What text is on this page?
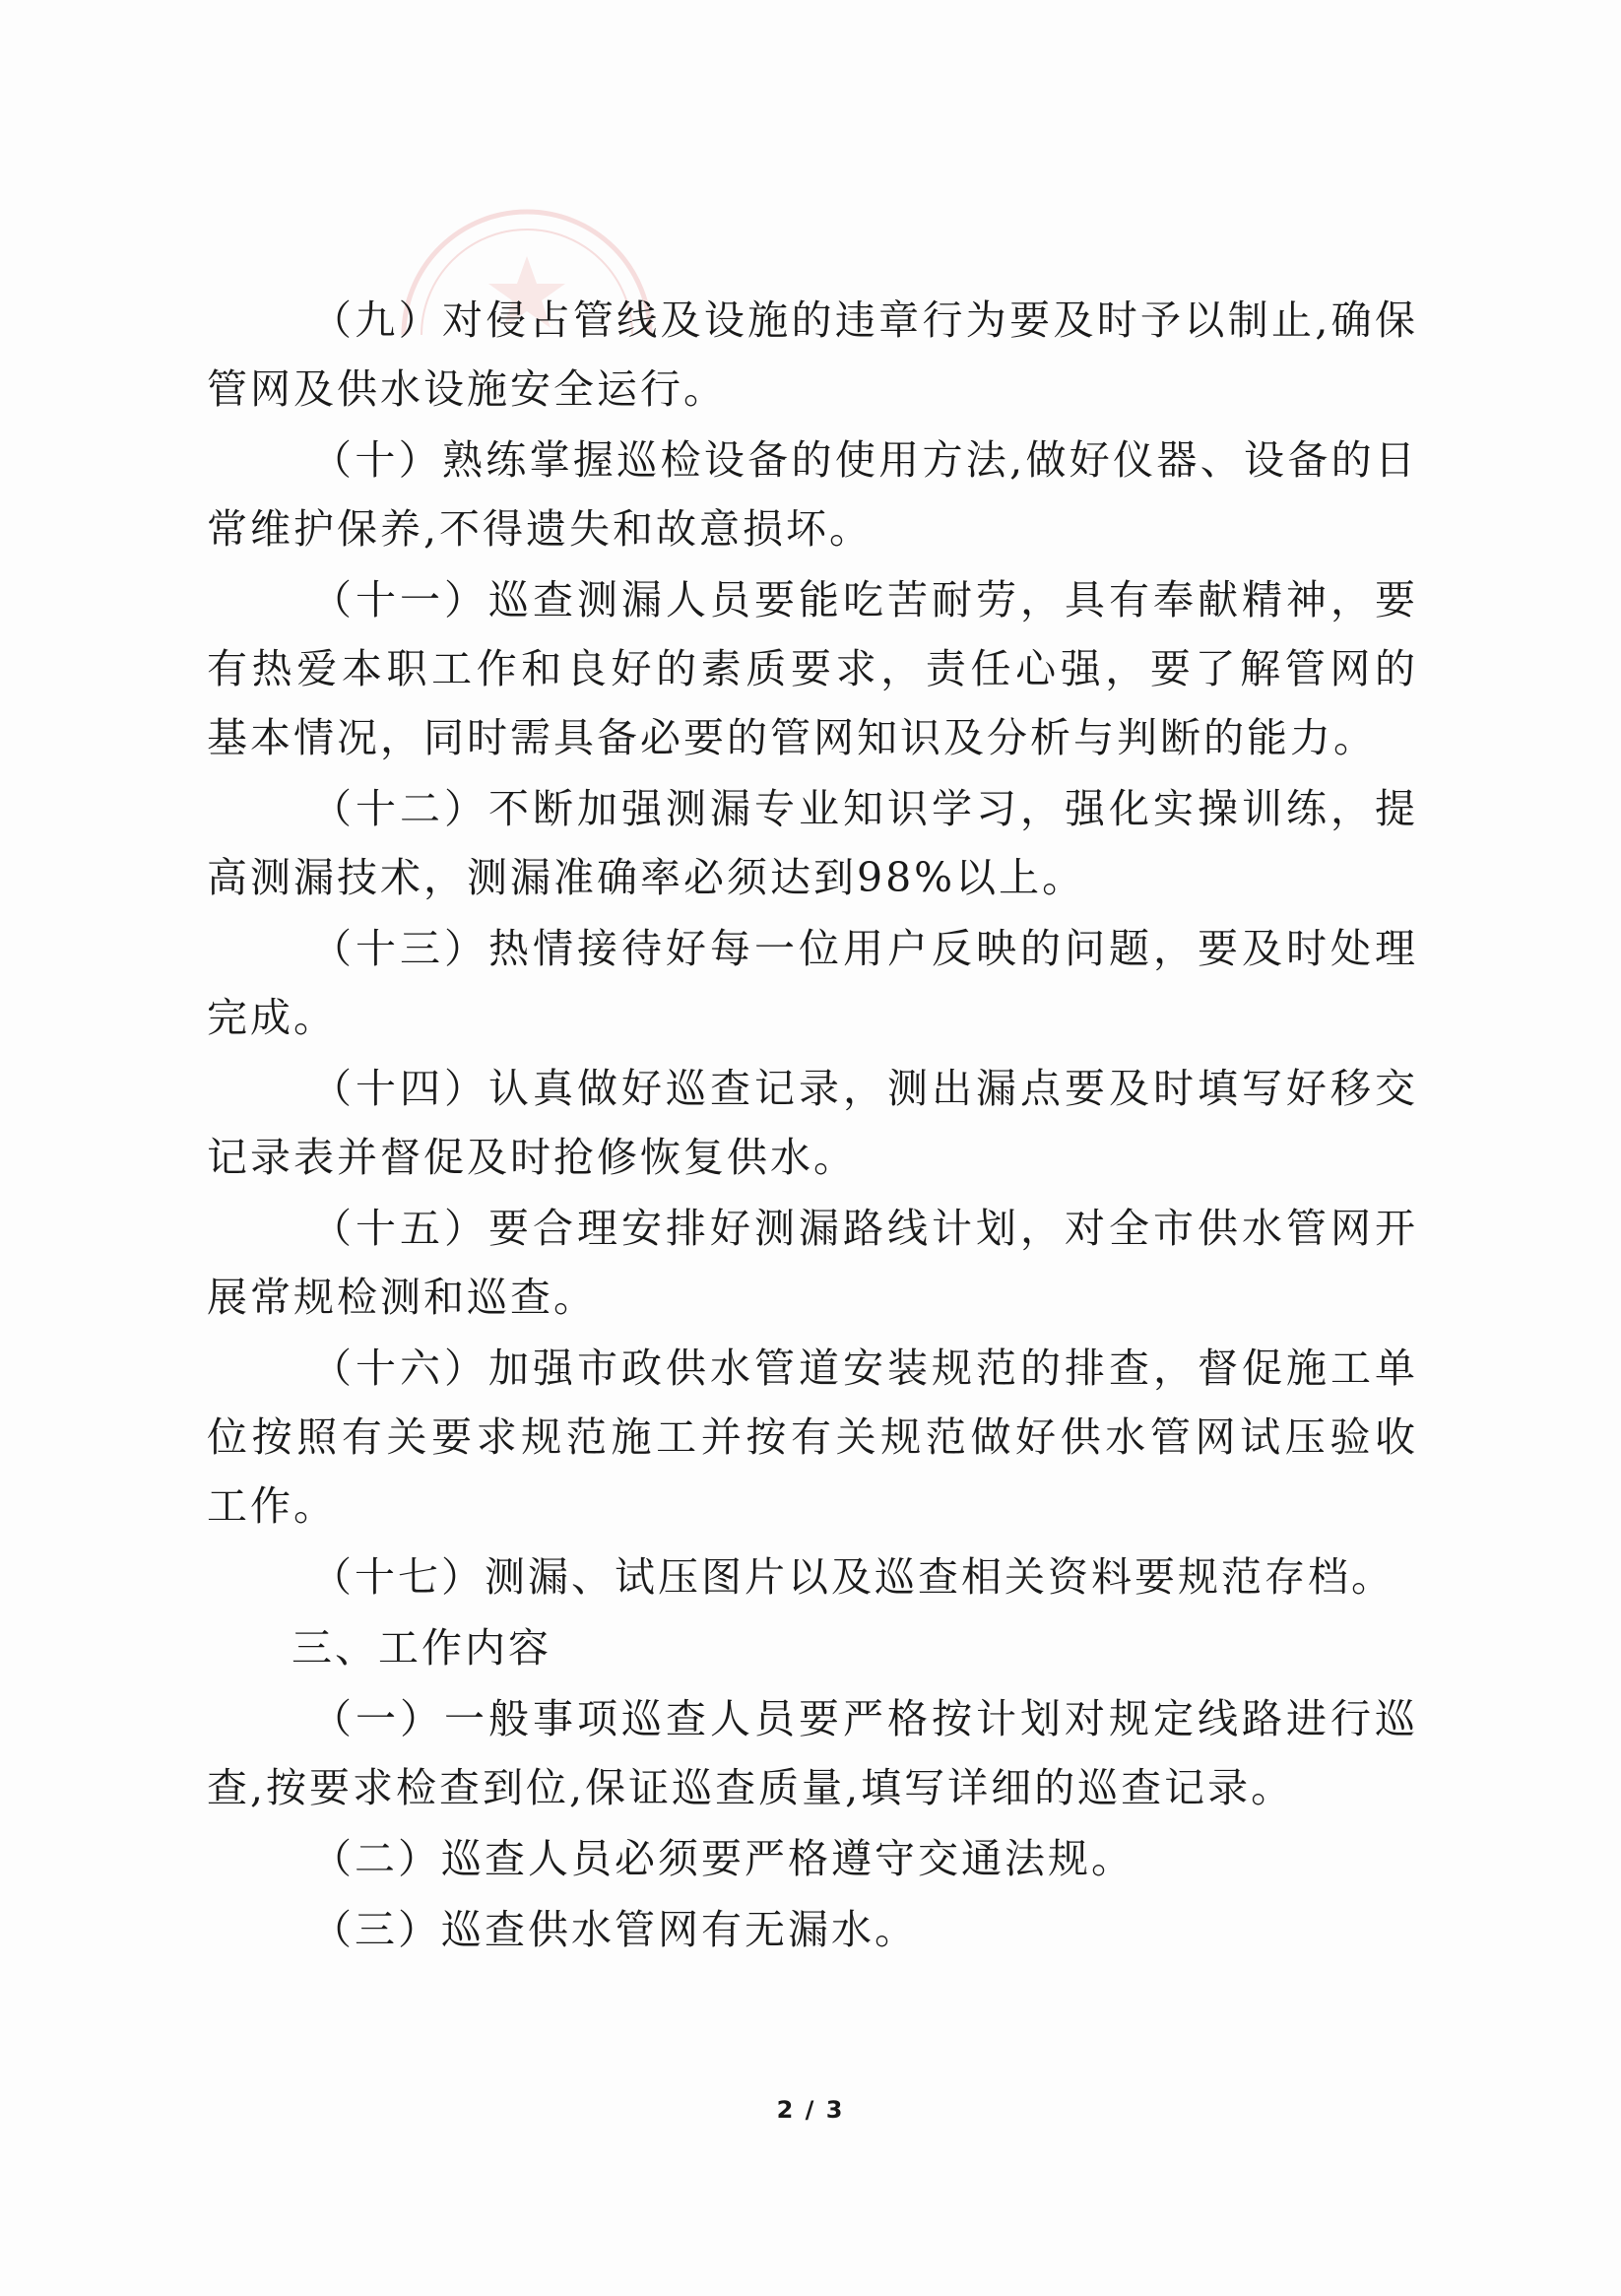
（九）对侵占管线及设施的违章行为要及时予以制止,确保管网及供水设施安全运行。

（十）熟练掌握巡检设备的使用方法,做好仪器、设备的日常维护保养,不得遗失和故意损坏。

（十一）巡查测漏人员要能吃苦耐劳，具有奉献精神，要有热爱本职工作和良好的素质要求，责任心强，要了解管网的基本情况，同时需具备必要的管网知识及分析与判断的能力。

（十二）不断加强测漏专业知识学习，强化实操训练，提高测漏技术，测漏准确率必须达到98%以上。

（十三）热情接待好每一位用户反映的问题，要及时处理完成。

（十四）认真做好巡查记录，测出漏点要及时填写好移交记录表并督促及时抢修恢复供水。

（十五）要合理安排好测漏路线计划，对全市供水管网开展常规检测和巡查。

（十六）加强市政供水管道安装规范的排查，督促施工单位按照有关要求规范施工并按有关规范做好供水管网试压验收工作。

（十七）测漏、试压图片以及巡查相关资料要规范存档。

三、工作内容

（一）一般事项巡查人员要严格按计划对规定线路进行巡查,按要求检查到位,保证巡查质量,填写详细的巡查记录。

（二）巡查人员必须要严格遵守交通法规。

（三）巡查供水管网有无漏水。

2 / 3
